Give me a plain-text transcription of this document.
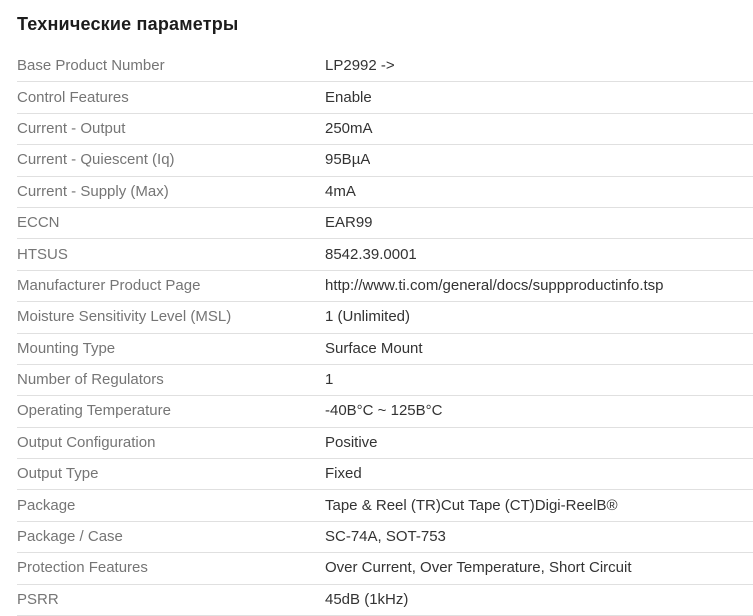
Технические параметры
Base Product Number	LP2992 ->
Control Features	Enable
Current - Output	250mA
Current - Quiescent (Iq)	95BµA
Current - Supply (Max)	4mA
ECCN	EAR99
HTSUS	8542.39.0001
Manufacturer Product Page	http://www.ti.com/general/docs/suppproductinfo.tsp
Moisture Sensitivity Level (MSL)	1 (Unlimited)
Mounting Type	Surface Mount
Number of Regulators	1
Operating Temperature	-40B°C ~ 125B°C
Output Configuration	Positive
Output Type	Fixed
Package	Tape & Reel (TR)Cut Tape (CT)Digi-ReelB®
Package / Case	SC-74A, SOT-753
Protection Features	Over Current, Over Temperature, Short Circuit
PSRR	45dB (1kHz)
